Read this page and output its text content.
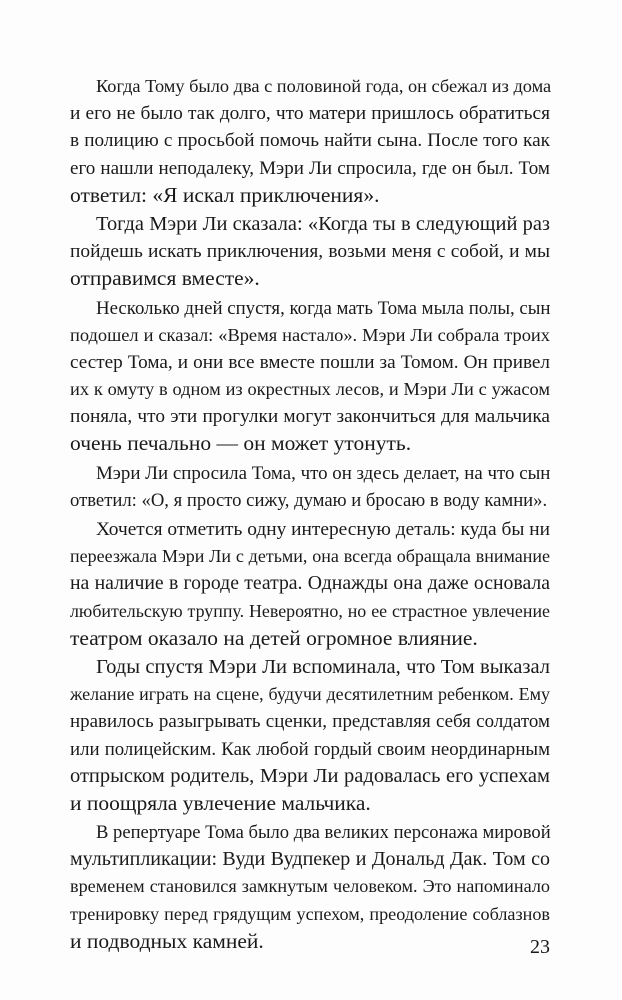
Когда Тому было два с половиной года, он сбежал из дома
и его не было так долго, что матери пришлось обратиться
в полицию с просьбой помочь найти сына. После того как
его нашли неподалеку, Мэри Ли спросила, где он был. Том
ответил: «Я искал приключения».

Тогда Мэри Ли сказала: «Когда ты в следующий раз
пойдешь искать приключения, возьми меня с собой, и мы
отправимся вместе».

Несколько дней спустя, когда мать Тома мыла полы, сын
подошел и сказал: «Время настало». Мэри Ли собрала троих
сестер Тома, и они все вместе пошли за Томом. Он привел
их к омуту в одном из окрестных лесов, и Мэри Ли с ужасом
поняла, что эти прогулки могут закончиться для мальчика
очень печально — он может утонуть.

Мэри Ли спросила Тома, что он здесь делает, на что сын
ответил: «О, я просто сижу, думаю и бросаю в воду камни».

Хочется отметить одну интересную деталь: куда бы ни
переезжала Мэри Ли с детьми, она всегда обращала внимание
на наличие в городе театра. Однажды она даже основала
любительскую труппу. Невероятно, но ее страстное увлечение
театром оказало на детей огромное влияние.

Годы спустя Мэри Ли вспоминала, что Том выказал
желание играть на сцене, будучи десятилетним ребенком. Ему
нравилось разыгрывать сценки, представляя себя солдатом
или полицейским. Как любой гордый своим неординарным
отпрыском родитель, Мэри Ли радовалась его успехам
и поощряла увлечение мальчика.

В репертуаре Тома было два великих персонажа мировой
мультипликации: Вуди Вудпекер и Дональд Дак. Том со
временем становился замкнутым человеком. Это напоминало
тренировку перед грядущим успехом, преодоление соблазнов
и подводных камней.	23
